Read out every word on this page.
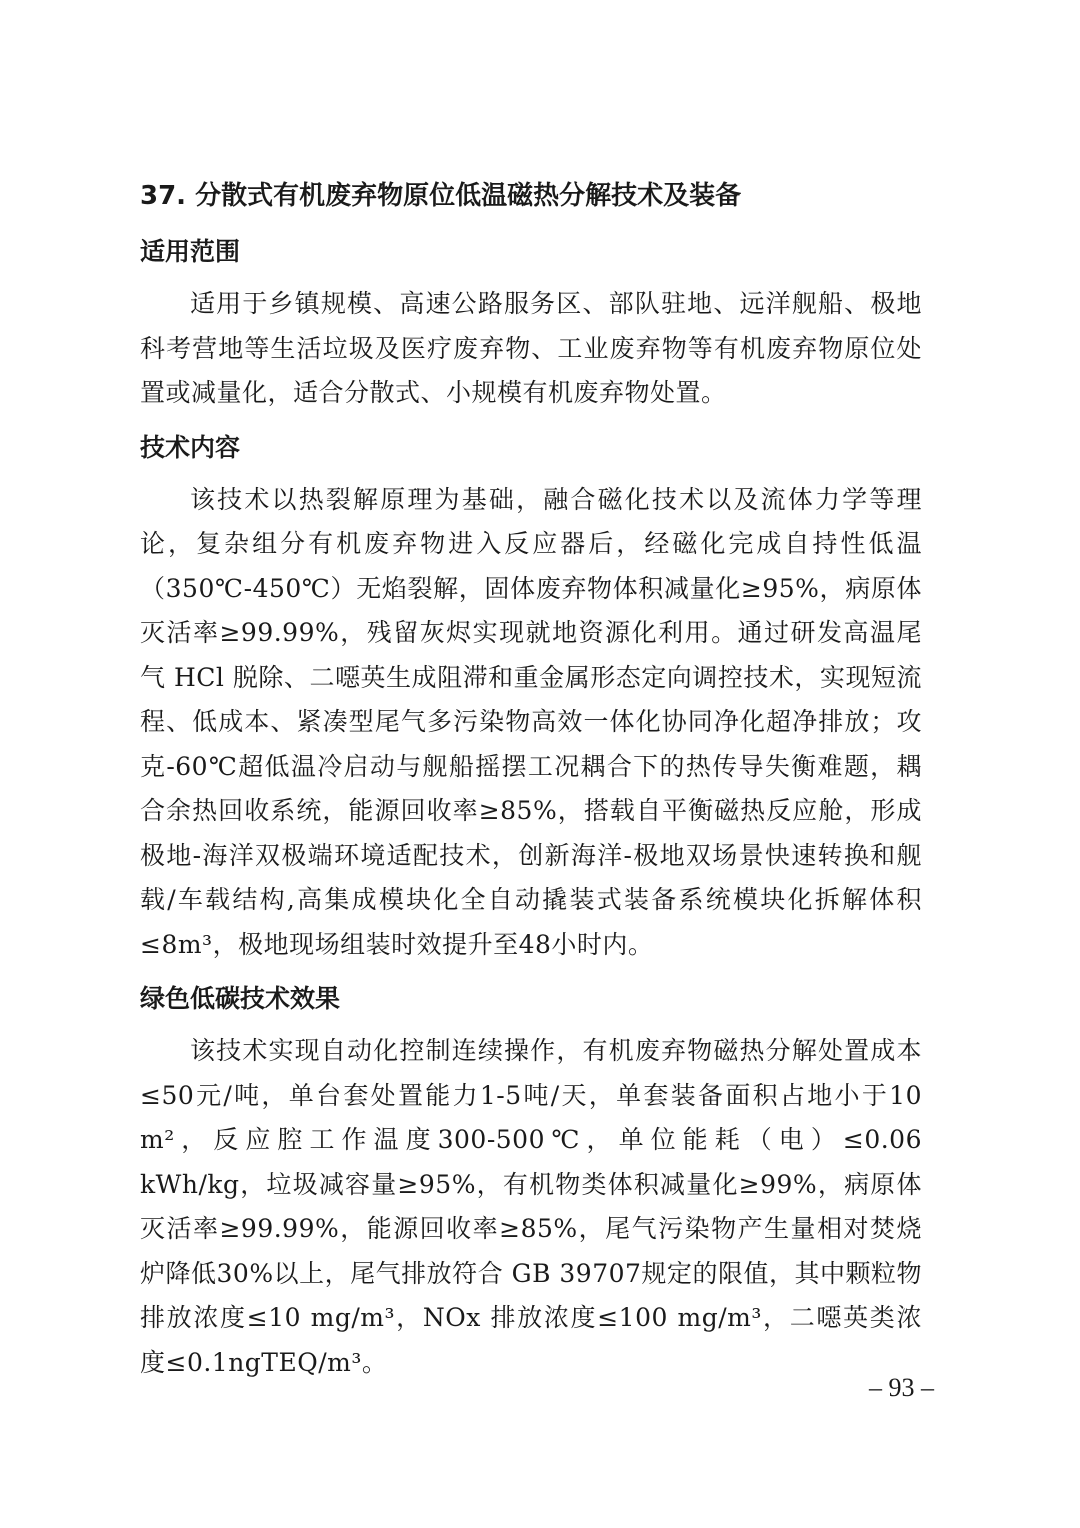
37. 分散式有机废弃物原位低温磁热分解技术及装备
适用范围

适用于乡镇规模、高速公路服务区、部队驻地、远洋舰船、极地科考营地等生活垃圾及医疗废弃物、工业废弃物等有机废弃物原位处置或减量化，适合分散式、小规模有机废弃物处置。

技术内容

该技术以热裂解原理为基础，融合磁化技术以及流体力学等理论，复杂组分有机废弃物进入反应器后，经磁化完成自持性低温（350℃-450℃）无焰裂解，固体废弃物体积减量化≥95%，病原体灭活率≥99.99%，残留灰烬实现就地资源化利用。通过研发高温尾气 HCl 脱除、二噁英生成阻滞和重金属形态定向调控技术，实现短流程、低成本、紧凑型尾气多污染物高效一体化协同净化超净排放；攻克-60℃超低温冷启动与舰船摇摆工况耦合下的热传导失衡难题，耦合余热回收系统，能源回收率≥85%，搭载自平衡磁热反应舱，形成极地-海洋双极端环境适配技术，创新海洋-极地双场景快速转换和舰载/车载结构,高集成模块化全自动撬装式装备系统模块化拆解体积≤8m³，极地现场组装时效提升至48小时内。

绿色低碳技术效果

该技术实现自动化控制连续操作，有机废弃物磁热分解处置成本≤50元/吨，单台套处置能力1-5吨/天，单套装备面积占地小于10 m²，反应腔工作温度300-500℃，单位能耗（电）≤0.06 kWh/kg，垃圾减容量≥95%，有机物类体积减量化≥99%，病原体灭活率≥99.99%，能源回收率≥85%，尾气污染物产生量相对焚烧炉降低30%以上，尾气排放符合 GB 39707规定的限值，其中颗粒物排放浓度≤10 mg/m³，NOx 排放浓度≤100 mg/m³，二噁英类浓度≤0.1ngTEQ/m³。

– 93 –
